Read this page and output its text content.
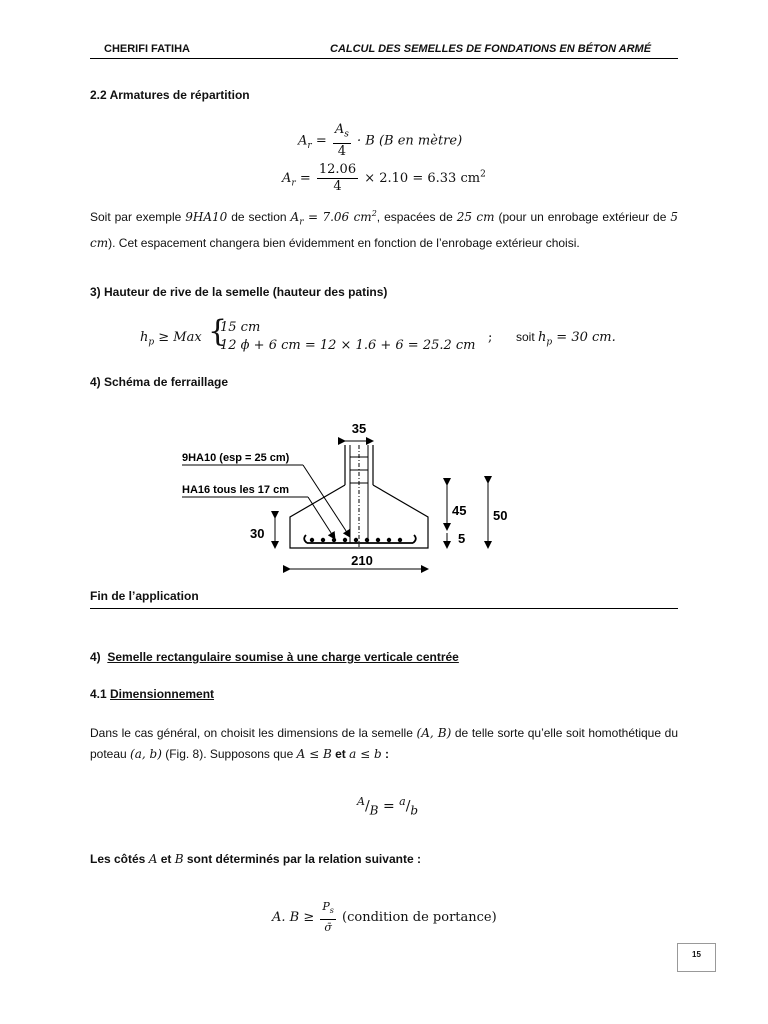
CHERIFI FATIHA	CALCUL DES SEMELLES DE FONDATIONS EN BÉTON ARMÉ
2.2 Armatures de répartition
$A_r = \frac{A_s}{4} \cdot B$ (B en mètre)
$A_r = \frac{12.06}{4} \times 2.10 = 6.33$ $cm^2$
Soit par exemple 9HA10 de section $A_r = 7.06$ $cm^2$, espacées de 25 cm (pour un enrobage extérieur de 5 cm). Cet espacement changera bien évidemment en fonction de l’enrobage extérieur choisi.
3) Hauteur de rive de la semelle (hauteur des patins)
$h_p$ ≥ Max {
15 cm
12 ϕ + 6 cm = 12 × 1.6 + 6 = 25.2 cm
; soit $h_p = 30$ cm.
4) Schéma de ferraillage
35
9HA10 (esp = 25 cm)
HA16 tous les 17 cm
30
210
45
5
50
Fin de l’application
4) Semelle rectangulaire soumise à une charge verticale centrée
4.1 Dimensionnement
Dans le cas général, on choisit les dimensions de la semelle (A, B) de telle sorte qu’elle soit homothétique du poteau (a, b) (Fig. 8). Supposons que A ≤ B et a ≤ b :
$^A/_B = ^a/_b$
Les côtés A et B sont déterminés par la relation suivante :
A. $B \ge \frac{P_s}{\sigmā}$ (condition de portance)
15
